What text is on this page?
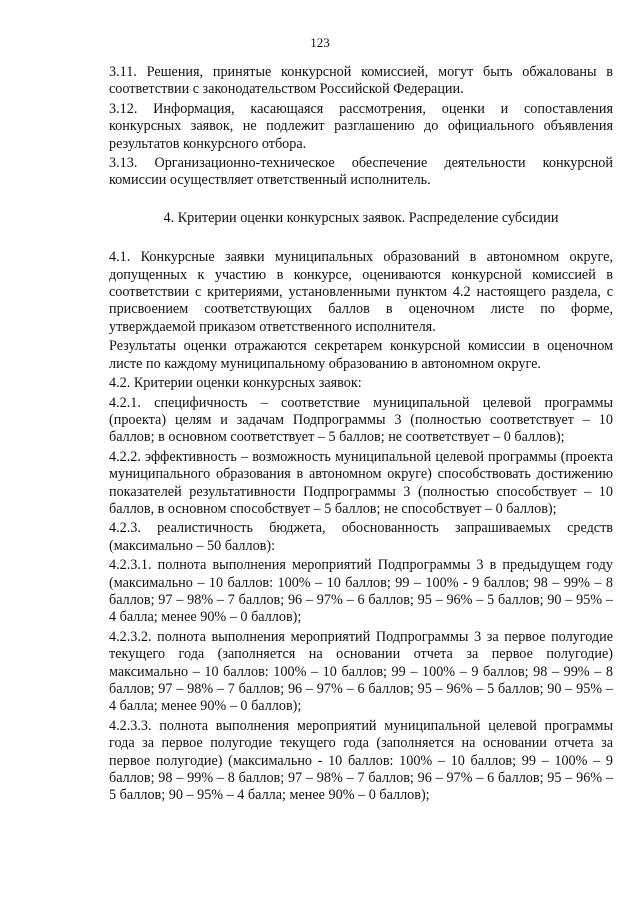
123

3.11. Решения, принятые конкурсной комиссией, могут быть обжалованы в соответствии с законодательством Российской Федерации.

3.12. Информация, касающаяся рассмотрения, оценки и сопоставления конкурсных заявок, не подлежит разглашению до официального объявления результатов конкурсного отбора.

3.13. Организационно-техническое обеспечение деятельности конкурсной комиссии осуществляет ответственный исполнитель.

4. Критерии оценки конкурсных заявок. Распределение субсидии

4.1. Конкурсные заявки муниципальных образований в автономном округе, допущенных к участию в конкурсе, оцениваются конкурсной комиссией в соответствии с критериями, установленными пунктом 4.2 настоящего раздела, с присвоением соответствующих баллов в оценочном листе по форме, утверждаемой приказом ответственного исполнителя.

Результаты оценки отражаются секретарем конкурсной комиссии в оценочном листе по каждому муниципальному образованию в автономном округе.

4.2. Критерии оценки конкурсных заявок:

4.2.1. специфичность – соответствие муниципальной целевой программы (проекта) целям и задачам Подпрограммы 3 (полностью соответствует – 10 баллов; в основном соответствует – 5 баллов; не соответствует – 0 баллов);

4.2.2. эффективность – возможность муниципальной целевой программы (проекта муниципального образования в автономном округе) способствовать достижению показателей результативности Подпрограммы 3 (полностью способствует – 10 баллов, в основном способствует – 5 баллов; не способствует – 0 баллов);

4.2.3. реалистичность бюджета, обоснованность запрашиваемых средств (максимально – 50 баллов):

4.2.3.1. полнота выполнения мероприятий Подпрограммы 3 в предыдущем году (максимально – 10 баллов: 100% – 10 баллов; 99 – 100% - 9 баллов; 98 – 99% – 8 баллов; 97 – 98% – 7 баллов; 96 – 97% – 6 баллов; 95 – 96% – 5 баллов; 90 – 95% – 4 балла; менее 90% – 0 баллов);

4.2.3.2. полнота выполнения мероприятий Подпрограммы 3 за первое полугодие текущего года (заполняется на основании отчета за первое полугодие) максимально – 10 баллов: 100% – 10 баллов; 99 – 100% – 9 баллов; 98 – 99% – 8 баллов; 97 – 98% – 7 баллов; 96 – 97% – 6 баллов; 95 – 96% – 5 баллов; 90 – 95% – 4 балла; менее 90% – 0 баллов);

4.2.3.3. полнота выполнения мероприятий муниципальной целевой программы года за первое полугодие текущего года (заполняется на основании отчета за первое полугодие) (максимально - 10 баллов: 100% – 10 баллов; 99 – 100% – 9 баллов; 98 – 99% – 8 баллов; 97 – 98% – 7 баллов; 96 – 97% – 6 баллов; 95 – 96% – 5 баллов; 90 – 95% – 4 балла; менее 90% – 0 баллов);
